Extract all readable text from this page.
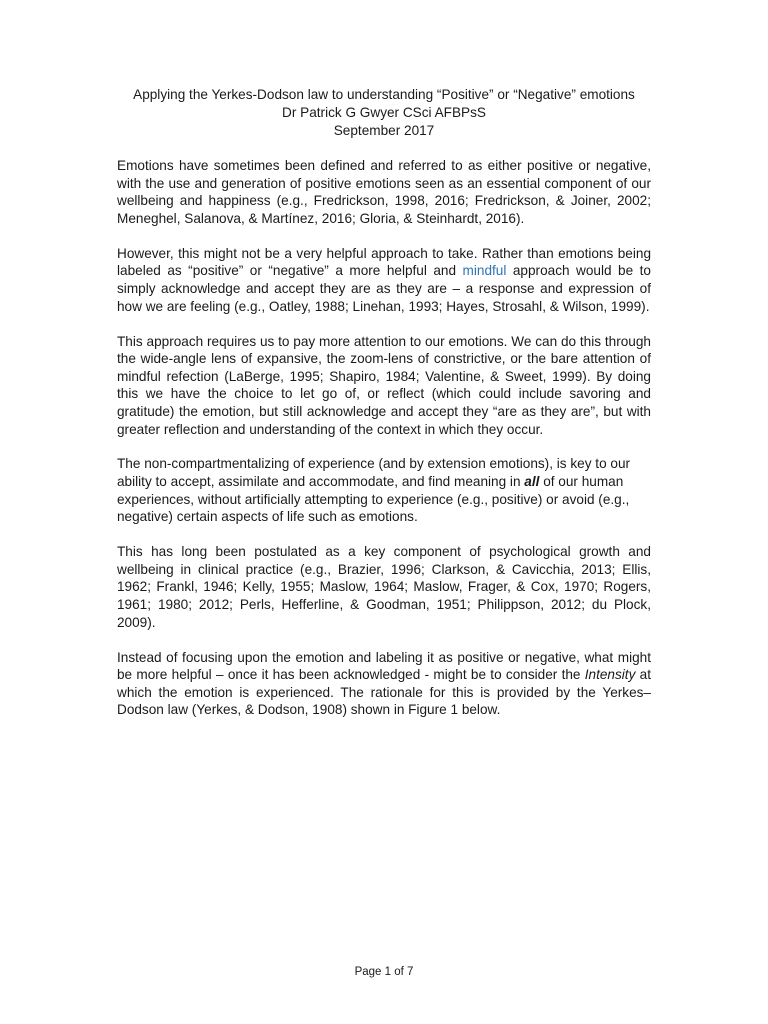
Applying the Yerkes-Dodson law to understanding “Positive” or “Negative” emotions
Dr Patrick G Gwyer CSci AFBPsS
September 2017

Emotions have sometimes been defined and referred to as either positive or negative, with the use and generation of positive emotions seen as an essential component of our wellbeing and happiness (e.g., Fredrickson, 1998, 2016; Fredrickson, & Joiner, 2002; Meneghel, Salanova, & Martínez, 2016; Gloria, & Steinhardt, 2016).

However, this might not be a very helpful approach to take. Rather than emotions being labeled as “positive” or “negative” a more helpful and mindful approach would be to simply acknowledge and accept they are as they are – a response and expression of how we are feeling (e.g., Oatley, 1988; Linehan, 1993; Hayes, Strosahl, & Wilson, 1999).

This approach requires us to pay more attention to our emotions. We can do this through the wide-angle lens of expansive, the zoom-lens of constrictive, or the bare attention of mindful refection (LaBerge, 1995; Shapiro, 1984; Valentine, & Sweet, 1999). By doing this we have the choice to let go of, or reflect (which could include savoring and gratitude) the emotion, but still acknowledge and accept they “are as they are”, but with greater reflection and understanding of the context in which they occur.

The non-compartmentalizing of experience (and by extension emotions), is key to our ability to accept, assimilate and accommodate, and find meaning in all of our human experiences, without artificially attempting to experience (e.g., positive) or avoid (e.g., negative) certain aspects of life such as emotions.

This has long been postulated as a key component of psychological growth and wellbeing in clinical practice (e.g., Brazier, 1996; Clarkson, & Cavicchia, 2013; Ellis, 1962; Frankl, 1946; Kelly, 1955; Maslow, 1964; Maslow, Frager, & Cox, 1970; Rogers, 1961; 1980; 2012; Perls, Hefferline, & Goodman, 1951; Philippson, 2012; du Plock, 2009).

Instead of focusing upon the emotion and labeling it as positive or negative, what might be more helpful – once it has been acknowledged - might be to consider the Intensity at which the emotion is experienced. The rationale for this is provided by the Yerkes–Dodson law (Yerkes, & Dodson, 1908) shown in Figure 1 below.

Page 1 of 7
